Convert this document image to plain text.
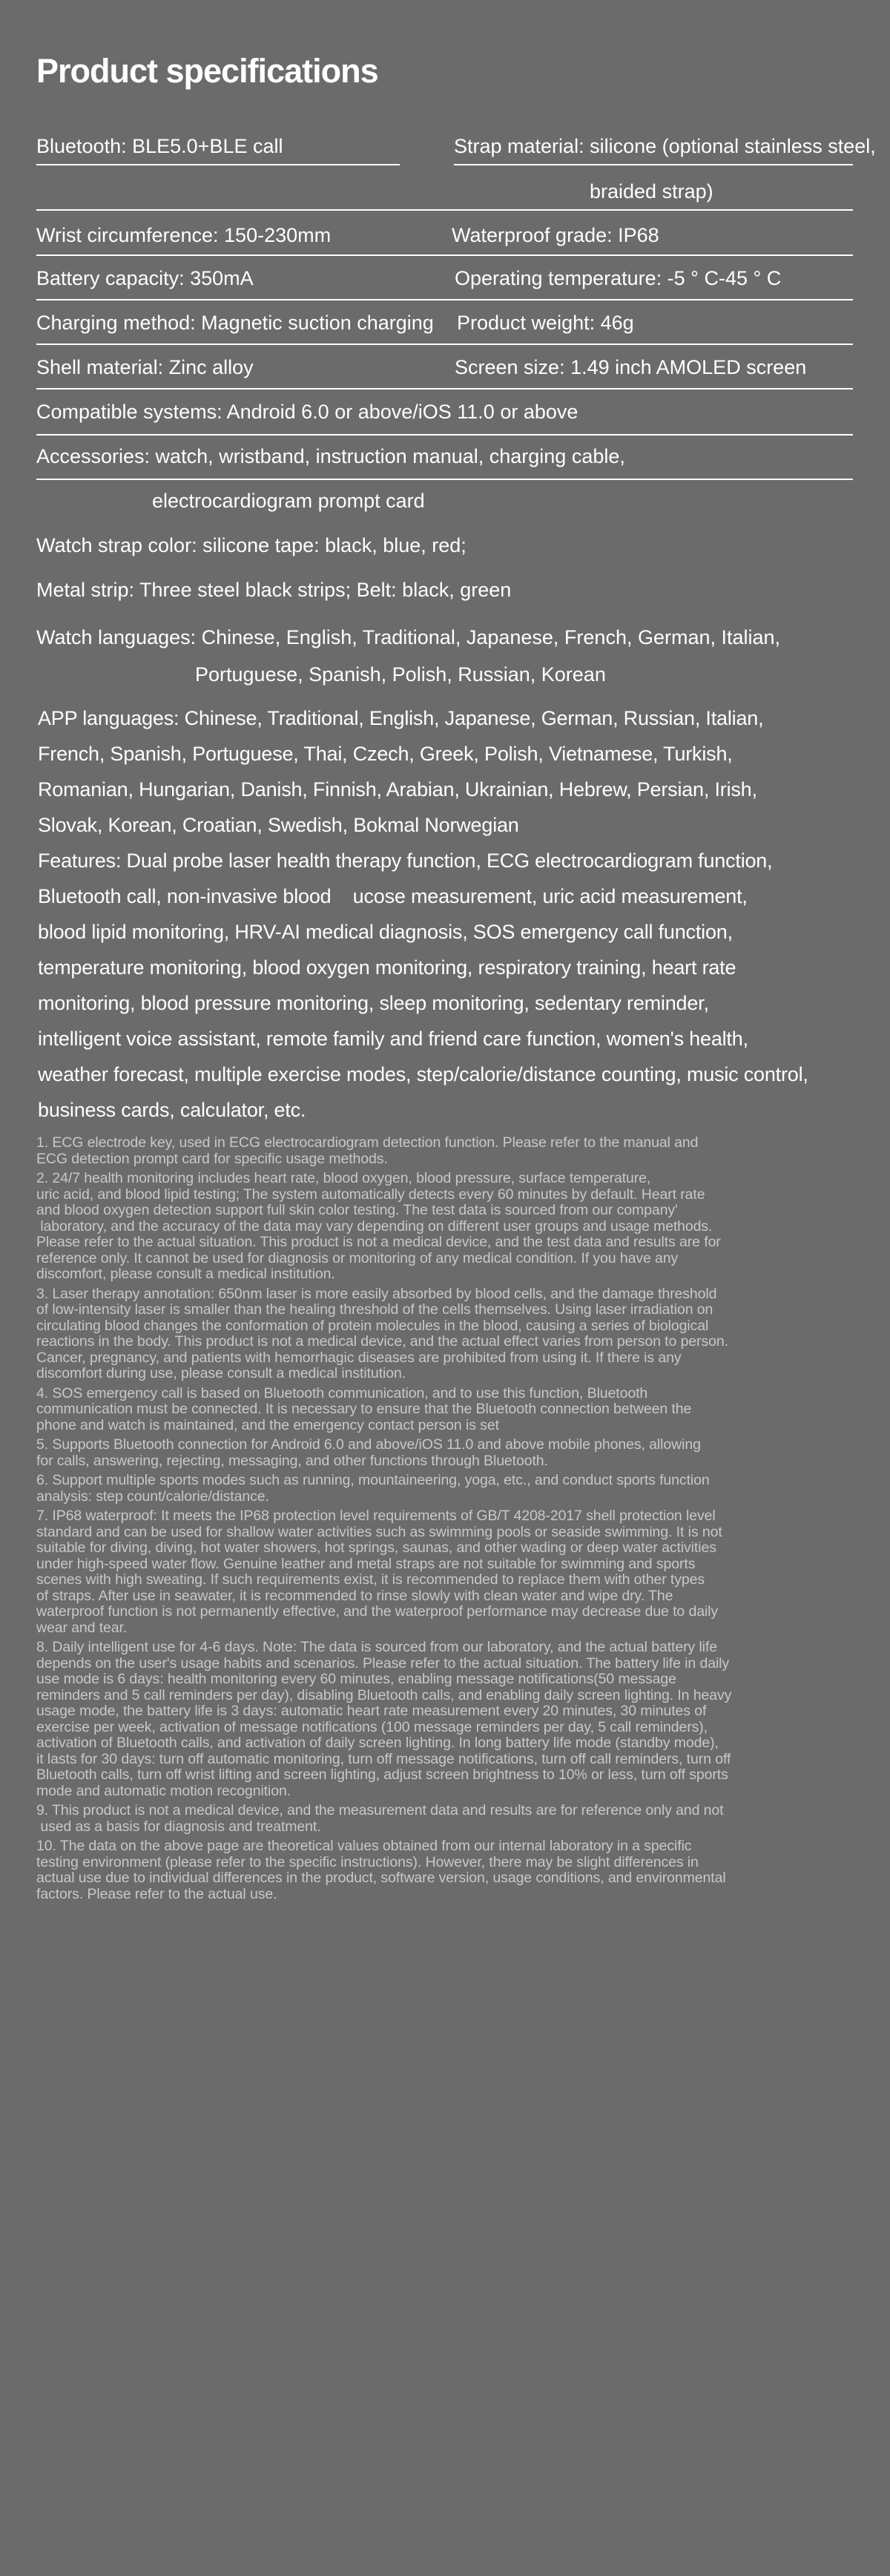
Product specifications
Bluetooth: BLE5.0+BLE call	Strap material: silicone (optional stainless steel,
braided strap)
Wrist circumference: 150-230mm	Waterproof grade: IP68
Battery capacity: 350mA	Operating temperature: -5 ° C-45 ° C
Charging method: Magnetic suction charging Product weight: 46g
Shell material: Zinc alloy	Screen size: 1.49 inch AMOLED screen
Compatible systems: Android 6.0 or above/iOS 11.0 or above
Accessories: watch, wristband, instruction manual, charging cable,
electrocardiogram prompt card
Watch strap color: silicone tape: black, blue, red;
Metal strip: Three steel black strips; Belt: black, green
Watch languages: Chinese, English, Traditional, Japanese, French, German, Italian,
Portuguese, Spanish, Polish, Russian, Korean
APP languages: Chinese, Traditional, English, Japanese, German, Russian, Italian,
French, Spanish, Portuguese, Thai, Czech, Greek, Polish, Vietnamese, Turkish,
Romanian, Hungarian, Danish, Finnish, Arabian, Ukrainian, Hebrew, Persian, Irish,
Slovak, Korean, Croatian, Swedish, Bokmal Norwegian
Features: Dual probe laser health therapy function, ECG electrocardiogram function,
Bluetooth call, non-invasive blood    ucose measurement, uric acid measurement,
blood lipid monitoring, HRV-AI medical diagnosis, SOS emergency call function,
temperature monitoring, blood oxygen monitoring, respiratory training, heart rate
monitoring, blood pressure monitoring, sleep monitoring, sedentary reminder,
intelligent voice assistant, remote family and friend care function, women's health,
weather forecast, multiple exercise modes, step/calorie/distance counting, music control,
business cards, calculator, etc.
1. ECG electrode key, used in ECG electrocardiogram detection function. Please refer to the manual and
ECG detection prompt card for specific usage methods.
2. 24/7 health monitoring includes heart rate, blood oxygen, blood pressure, surface temperature,
uric acid, and blood lipid testing; The system automatically detects every 60 minutes by default. Heart rate
and blood oxygen detection support full skin color testing. The test data is sourced from our company'
laboratory, and the accuracy of the data may vary depending on different user groups and usage methods.
Please refer to the actual situation. This product is not a medical device, and the test data and results are for
reference only. It cannot be used for diagnosis or monitoring of any medical condition. If you have any
discomfort, please consult a medical institution.
3. Laser therapy annotation: 650nm laser is more easily absorbed by blood cells, and the damage threshold
of low-intensity laser is smaller than the healing threshold of the cells themselves. Using laser irradiation on
circulating blood changes the conformation of protein molecules in the blood, causing a series of biological
reactions in the body. This product is not a medical device, and the actual effect varies from person to person.
Cancer, pregnancy, and patients with hemorrhagic diseases are prohibited from using it. If there is any
discomfort during use, please consult a medical institution.
4. SOS emergency call is based on Bluetooth communication, and to use this function, Bluetooth
communication must be connected. It is necessary to ensure that the Bluetooth connection between the
phone and watch is maintained, and the emergency contact person is set
5. Supports Bluetooth connection for Android 6.0 and above/iOS 11.0 and above mobile phones, allowing
for calls, answering, rejecting, messaging, and other functions through Bluetooth.
6. Support multiple sports modes such as running, mountaineering, yoga, etc., and conduct sports function
analysis: step count/calorie/distance.
7. IP68 waterproof: It meets the IP68 protection level requirements of GB/T 4208-2017 shell protection level
standard and can be used for shallow water activities such as swimming pools or seaside swimming. It is not
suitable for diving, diving, hot water showers, hot springs, saunas, and other wading or deep water activities
under high-speed water flow. Genuine leather and metal straps are not suitable for swimming and sports
scenes with high sweating. If such requirements exist, it is recommended to replace them with other types
of straps. After use in seawater, it is recommended to rinse slowly with clean water and wipe dry. The
waterproof function is not permanently effective, and the waterproof performance may decrease due to daily
wear and tear.
8. Daily intelligent use for 4-6 days. Note: The data is sourced from our laboratory, and the actual battery life
depends on the user's usage habits and scenarios. Please refer to the actual situation. The battery life in daily
use mode is 6 days: health monitoring every 60 minutes, enabling message notifications(50 message
reminders and 5 call reminders per day), disabling Bluetooth calls, and enabling daily screen lighting. In heavy
usage mode, the battery life is 3 days: automatic heart rate measurement every 20 minutes, 30 minutes of
exercise per week, activation of message notifications (100 message reminders per day, 5 call reminders),
activation of Bluetooth calls, and activation of daily screen lighting. In long battery life mode (standby mode),
it lasts for 30 days: turn off automatic monitoring, turn off message notifications, turn off call reminders, turn off
Bluetooth calls, turn off wrist lifting and screen lighting, adjust screen brightness to 10% or less, turn off sports
mode and automatic motion recognition.
9. This product is not a medical device, and the measurement data and results are for reference only and not
used as a basis for diagnosis and treatment.
10. The data on the above page are theoretical values obtained from our internal laboratory in a specific
testing environment (please refer to the specific instructions). However, there may be slight differences in
actual use due to individual differences in the product, software version, usage conditions, and environmental
factors. Please refer to the actual use.
